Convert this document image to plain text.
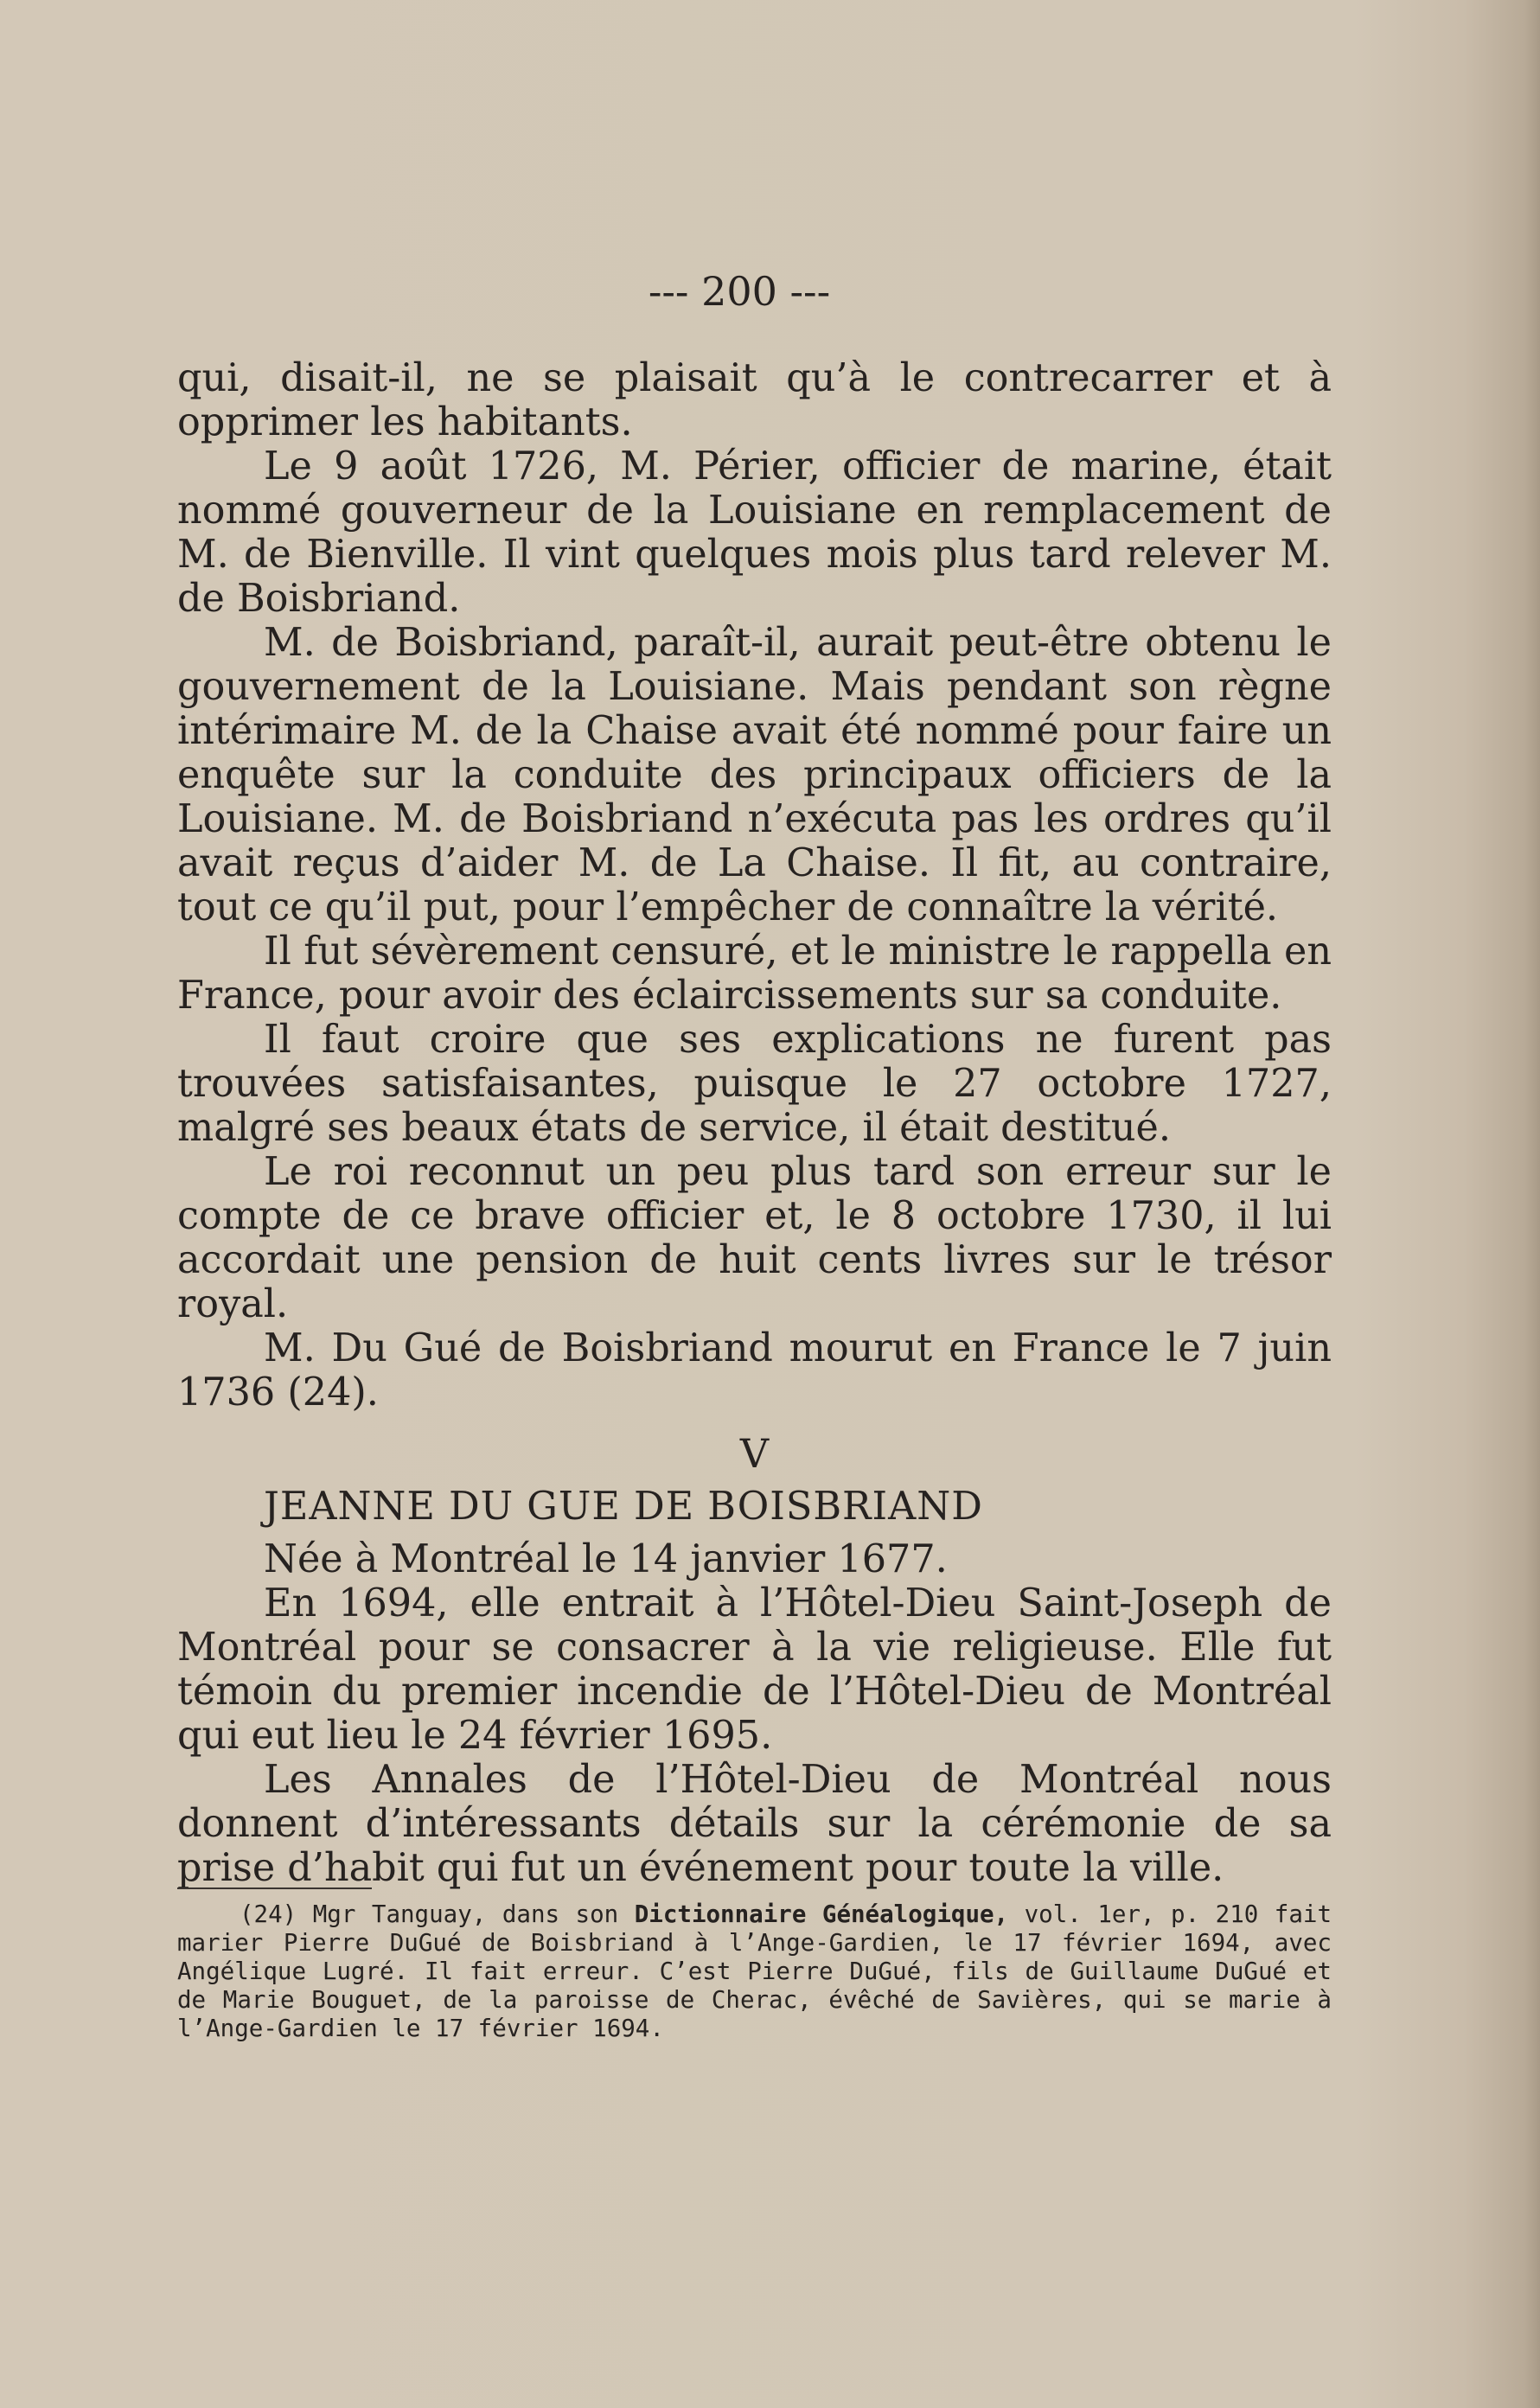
--- 200 ---

qui, disait-il, ne se plaisait qu’à le contrecarrer et à opprimer les habitants.

Le 9 août 1726, M. Périer, officier de marine, était nommé gouverneur de la Louisiane en remplacement de M. de Bienville. Il vint quelques mois plus tard relever M. de Boisbriand.

M. de Boisbriand, paraît-il, aurait peut-être obtenu le gouvernement de la Louisiane. Mais pendant son règne intérimaire M. de la Chaise avait été nommé pour faire un enquête sur la conduite des principaux officiers de la Louisiane. M. de Boisbriand n’exécuta pas les ordres qu’il avait reçus d’aider M. de La Chaise. Il fit, au contraire, tout ce qu’il put, pour l’empêcher de connaître la vérité.

Il fut sévèrement censuré, et le ministre le rappella en France, pour avoir des éclaircissements sur sa conduite.

Il faut croire que ses explications ne furent pas trouvées satisfaisantes, puisque le 27 octobre 1727, malgré ses beaux états de service, il était destitué.

Le roi reconnut un peu plus tard son erreur sur le compte de ce brave officier et, le 8 octobre 1730, il lui accordait une pension de huit cents livres sur le trésor royal.

M. Du Gué de Boisbriand mourut en France le 7 juin 1736 (24).

V
JEANNE DU GUE DE BOISBRIAND

Née à Montréal le 14 janvier 1677.

En 1694, elle entrait à l’Hôtel-Dieu Saint-Joseph de Montréal pour se consacrer à la vie religieuse. Elle fut témoin du premier incendie de l’Hôtel-Dieu de Montréal qui eut lieu le 24 février 1695.

Les Annales de l’Hôtel-Dieu de Montréal nous donnent d’intéressants détails sur la cérémonie de sa prise d’habit qui fut un événement pour toute la ville.

(24) Mgr Tanguay, dans son Dictionnaire Généalogique, vol. 1er, p. 210 fait marier Pierre DuGué de Boisbriand à l’Ange-Gardien, le 17 février 1694, avec Angélique Lugré. Il fait erreur. C’est Pierre DuGué, fils de Guillaume DuGué et de Marie Bouguet, de la paroisse de Cherac, évêché de Savières, qui se marie à l’Ange-Gardien le 17 février 1694.
